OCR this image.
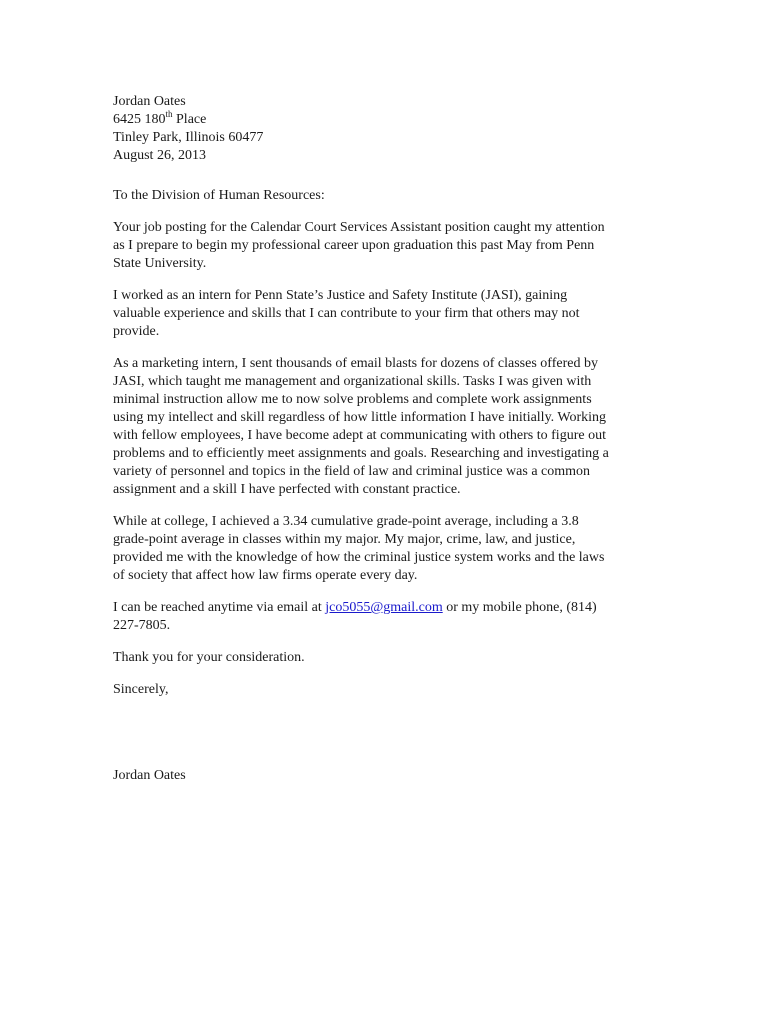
Jordan Oates
6425 180th Place
Tinley Park, Illinois 60477
August 26, 2013

To the Division of Human Resources:

Your job posting for the Calendar Court Services Assistant position caught my attention
as I prepare to begin my professional career upon graduation this past May from Penn
State University.

I worked as an intern for Penn State’s Justice and Safety Institute (JASI), gaining
valuable experience and skills that I can contribute to your firm that others may not
provide.

As a marketing intern, I sent thousands of email blasts for dozens of classes offered by
JASI, which taught me management and organizational skills. Tasks I was given with
minimal instruction allow me to now solve problems and complete work assignments
using my intellect and skill regardless of how little information I have initially. Working
with fellow employees, I have become adept at communicating with others to figure out
problems and to efficiently meet assignments and goals. Researching and investigating a
variety of personnel and topics in the field of law and criminal justice was a common
assignment and a skill I have perfected with constant practice.

While at college, I achieved a 3.34 cumulative grade-point average, including a 3.8
grade-point average in classes within my major. My major, crime, law, and justice,
provided me with the knowledge of how the criminal justice system works and the laws
of society that affect how law firms operate every day.

I can be reached anytime via email at jco5055@gmail.com or my mobile phone, (814)
227-7805.

Thank you for your consideration.

Sincerely,

Jordan Oates
